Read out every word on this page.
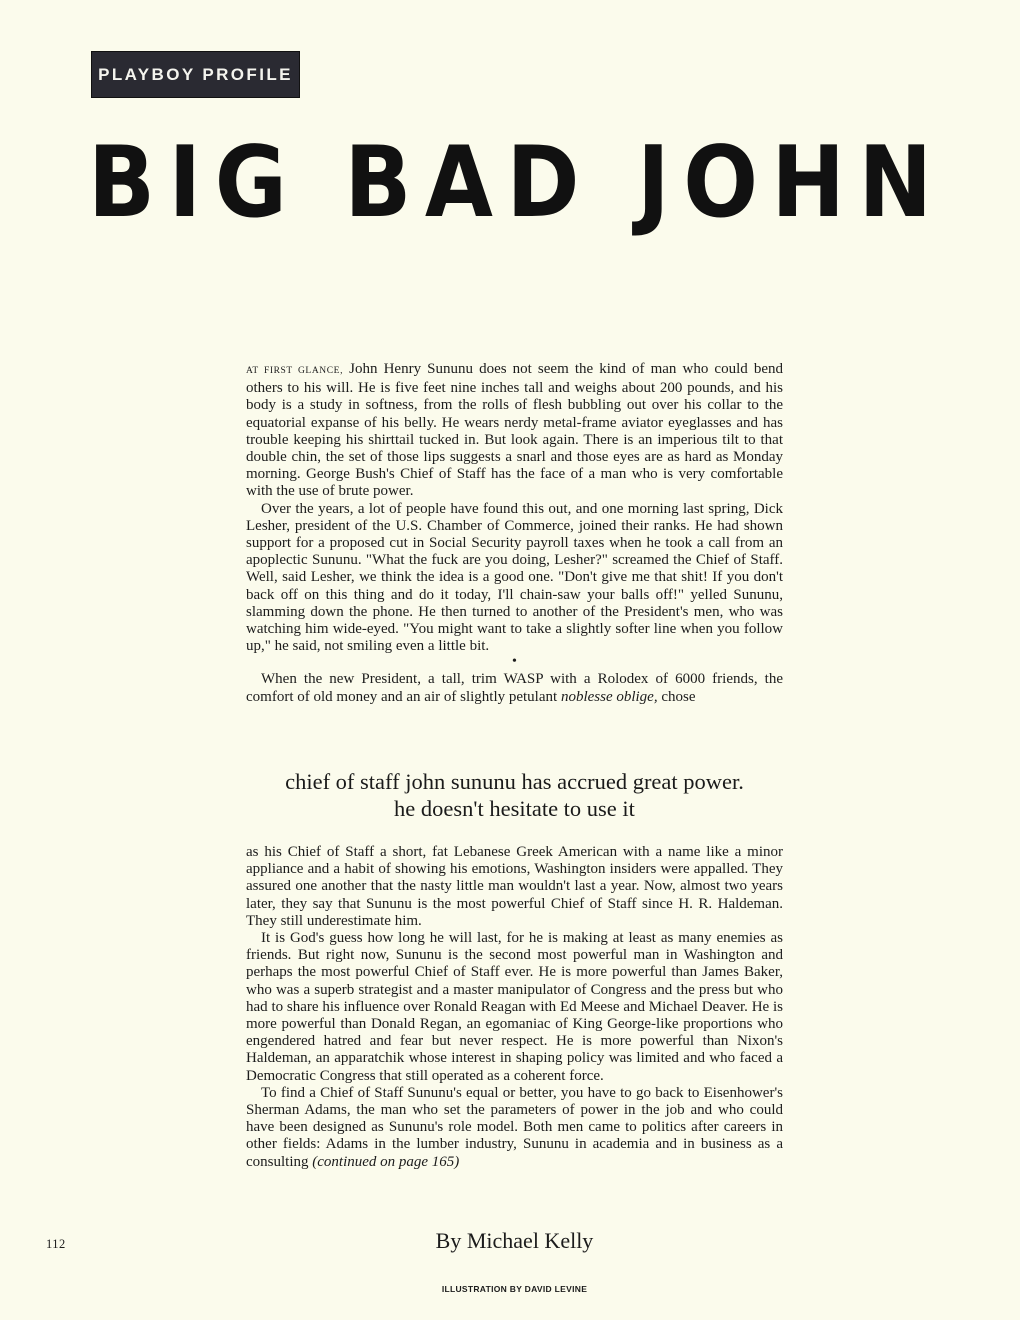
PLAYBOY PROFILE
BIG BAD JOHN

AT FIRST GLANCE, John Henry Sununu does not seem the kind of man who could bend others to his will. He is five feet nine inches tall and weighs about 200 pounds, and his body is a study in softness, from the rolls of flesh bubbling out over his collar to the equatorial expanse of his belly. He wears nerdy metal-frame aviator eyeglasses and has trouble keeping his shirttail tucked in. But look again. There is an imperious tilt to that double chin, the set of those lips suggests a snarl and those eyes are as hard as Monday morning. George Bush's Chief of Staff has the face of a man who is very comfortable with the use of brute power.

Over the years, a lot of people have found this out, and one morning last spring, Dick Lesher, president of the U.S. Chamber of Commerce, joined their ranks. He had shown support for a proposed cut in Social Security payroll taxes when he took a call from an apoplectic Sununu. "What the fuck are you doing, Lesher?" screamed the Chief of Staff. Well, said Lesher, we think the idea is a good one. "Don't give me that shit! If you don't back off on this thing and do it today, I'll chain-saw your balls off!" yelled Sununu, slamming down the phone. He then turned to another of the President's men, who was watching him wide-eyed. "You might want to take a slightly softer line when you follow up," he said, not smiling even a little bit.

•

When the new President, a tall, trim WASP with a Rolodex of 6000 friends, the comfort of old money and an air of slightly petulant noblesse oblige, chose

chief of staff john sununu has accrued great power.
he doesn't hesitate to use it

as his Chief of Staff a short, fat Lebanese Greek American with a name like a minor appliance and a habit of showing his emotions, Washington insiders were appalled. They assured one another that the nasty little man wouldn't last a year. Now, almost two years later, they say that Sununu is the most powerful Chief of Staff since H. R. Haldeman. They still underestimate him.

It is God's guess how long he will last, for he is making at least as many enemies as friends. But right now, Sununu is the second most powerful man in Washington and perhaps the most powerful Chief of Staff ever. He is more powerful than James Baker, who was a superb strategist and a master manipulator of Congress and the press but who had to share his influence over Ronald Reagan with Ed Meese and Michael Deaver. He is more powerful than Donald Regan, an egomaniac of King George-like proportions who engendered hatred and fear but never respect. He is more powerful than Nixon's Haldeman, an apparatchik whose interest in shaping policy was limited and who faced a Democratic Congress that still operated as a coherent force.

To find a Chief of Staff Sununu's equal or better, you have to go back to Eisenhower's Sherman Adams, the man who set the parameters of power in the job and who could have been designed as Sununu's role model. Both men came to politics after careers in other fields: Adams in the lumber industry, Sununu in academia and in business as a consulting (continued on page 165)

112	By Michael Kelly
ILLUSTRATION BY DAVID LEVINE
